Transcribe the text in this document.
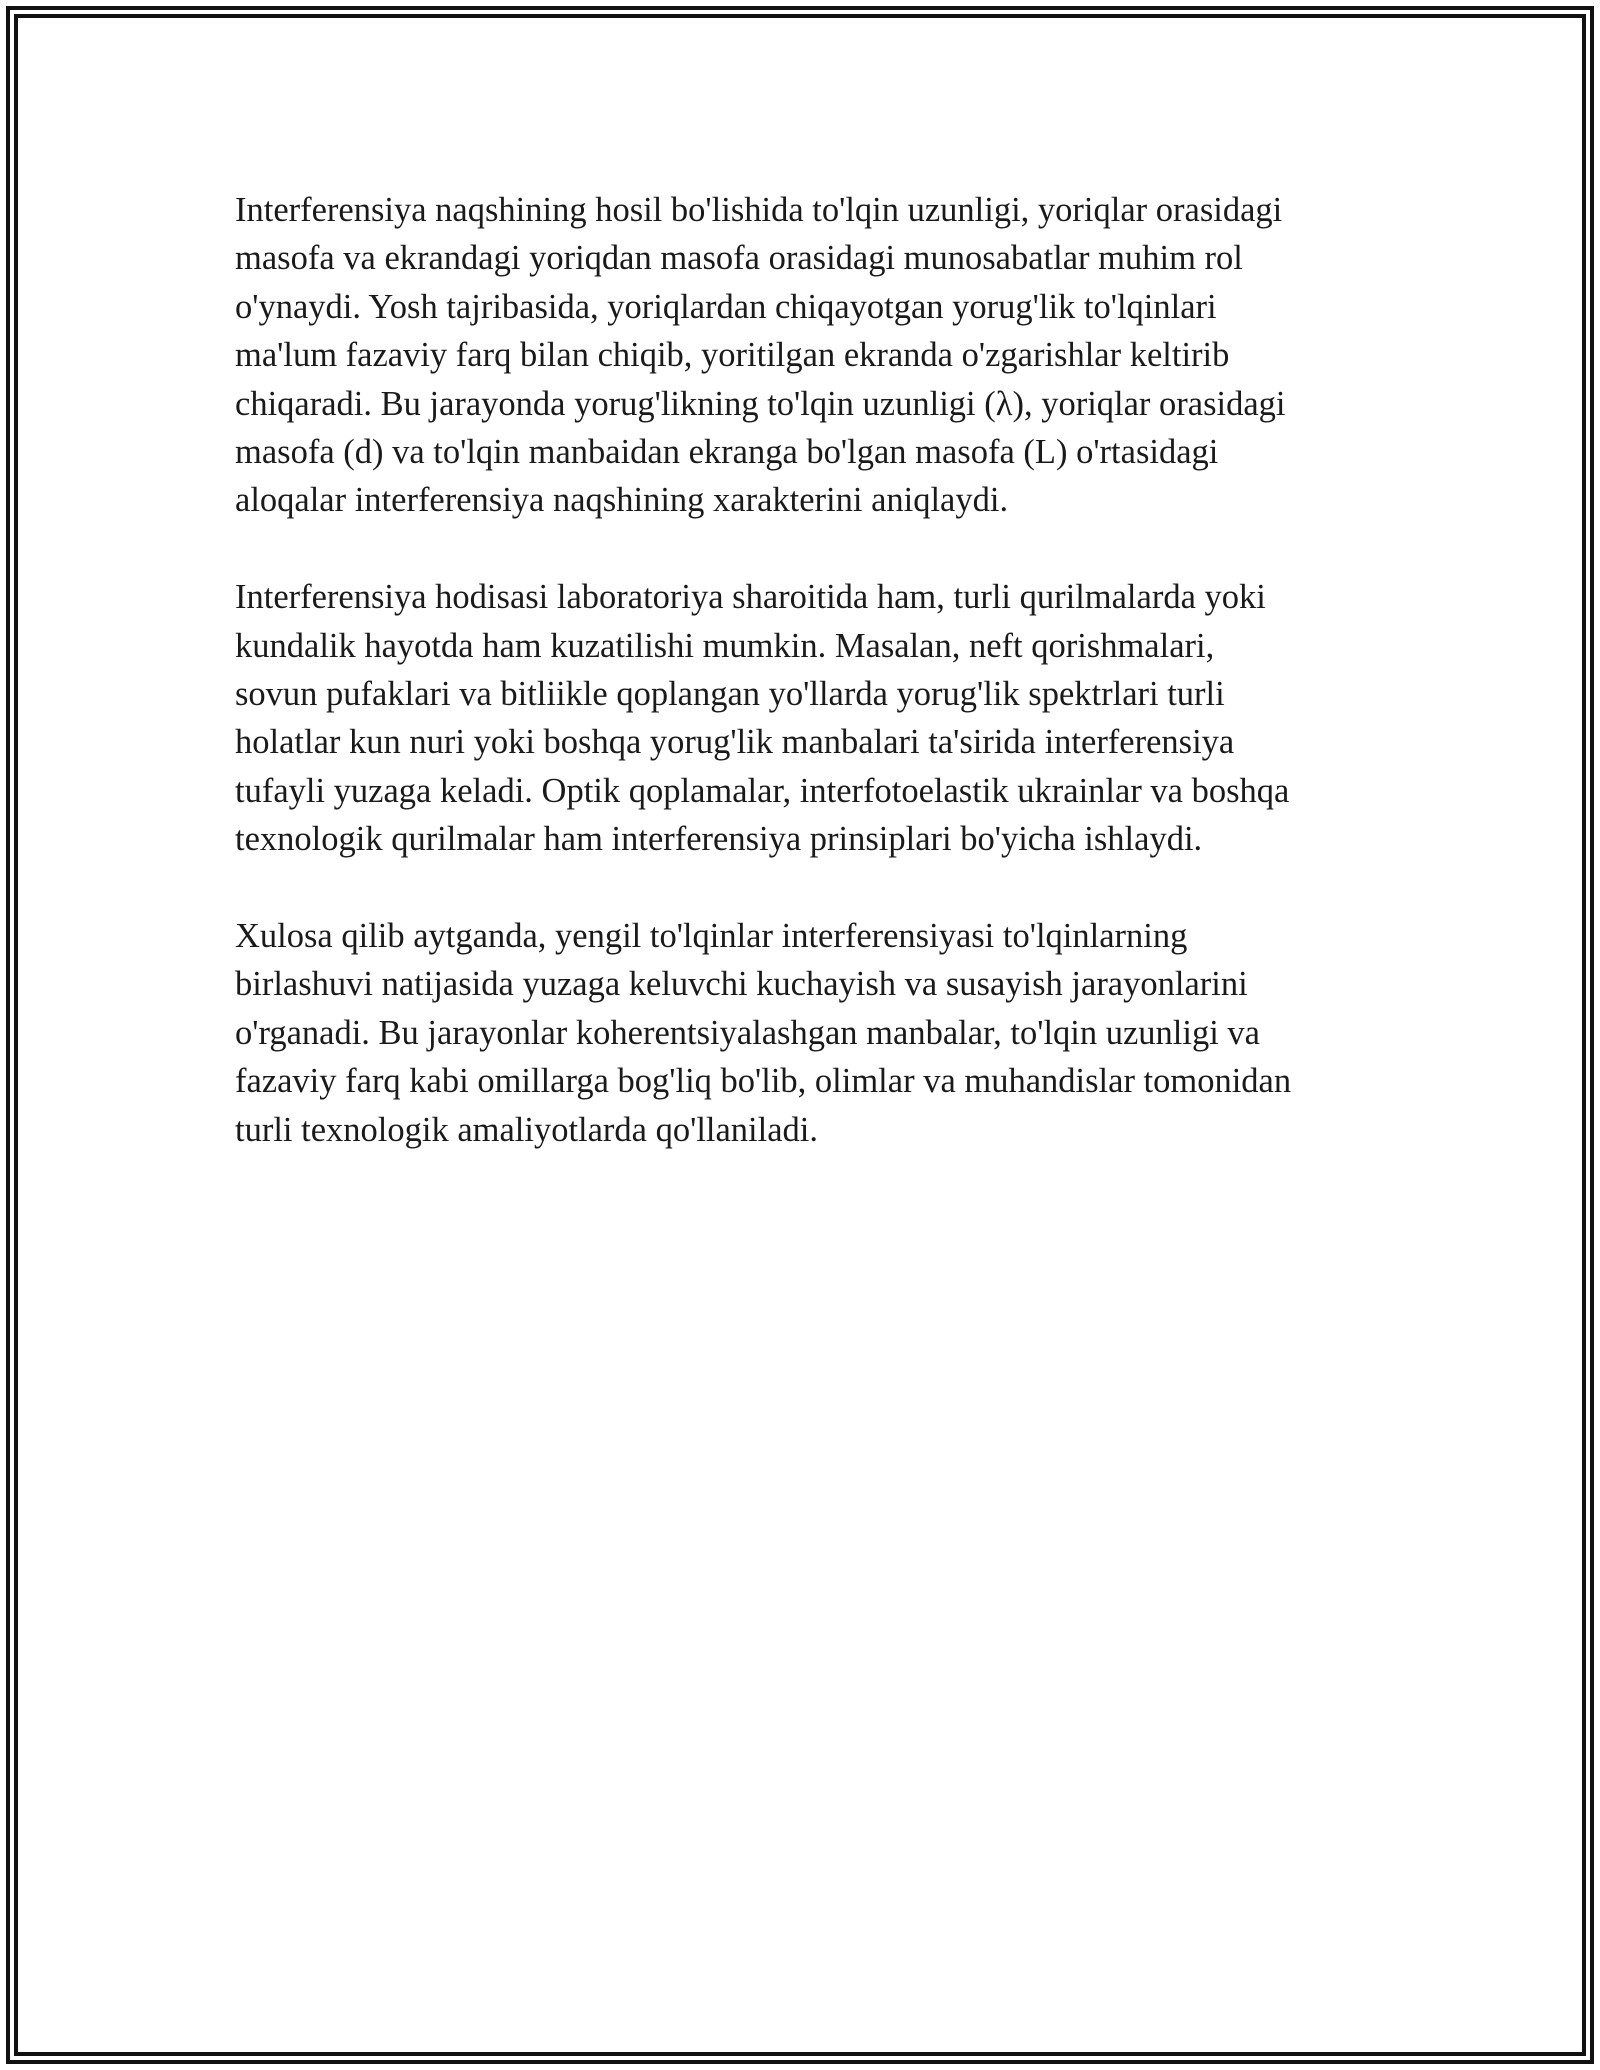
Interferensiya naqshining hosil bo'lishida to'lqin uzunligi, yoriqlar orasidagi
masofa va ekrandagi yoriqdan masofa orasidagi munosabatlar muhim rol
o'ynaydi. Yosh tajribasida, yoriqlardan chiqayotgan yorug'lik to'lqinlari
ma'lum fazaviy farq bilan chiqib, yoritilgan ekranda o'zgarishlar keltirib
chiqaradi. Bu jarayonda yorug'likning to'lqin uzunligi (λ), yoriqlar orasidagi
masofa (d) va to'lqin manbaidan ekranga bo'lgan masofa (L) o'rtasidagi
aloqalar interferensiya naqshining xarakterini aniqlaydi.

Interferensiya hodisasi laboratoriya sharoitida ham, turli qurilmalarda yoki
kundalik hayotda ham kuzatilishi mumkin. Masalan, neft qorishmalari,
sovun pufaklari va bitliikle qoplangan yo'llarda yorug'lik spektrlari turli
holatlar kun nuri yoki boshqa yorug'lik manbalari ta'sirida interferensiya
tufayli yuzaga keladi. Optik qoplamalar, interfotoelastik ukrainlar va boshqa
texnologik qurilmalar ham interferensiya prinsiplari bo'yicha ishlaydi.

Xulosa qilib aytganda, yengil to'lqinlar interferensiyasi to'lqinlarning
birlashuvi natijasida yuzaga keluvchi kuchayish va susayish jarayonlarini
o'rganadi. Bu jarayonlar koherentsiyalashgan manbalar, to'lqin uzunligi va
fazaviy farq kabi omillarga bog'liq bo'lib, olimlar va muhandislar tomonidan
turli texnologik amaliyotlarda qo'llaniladi.
